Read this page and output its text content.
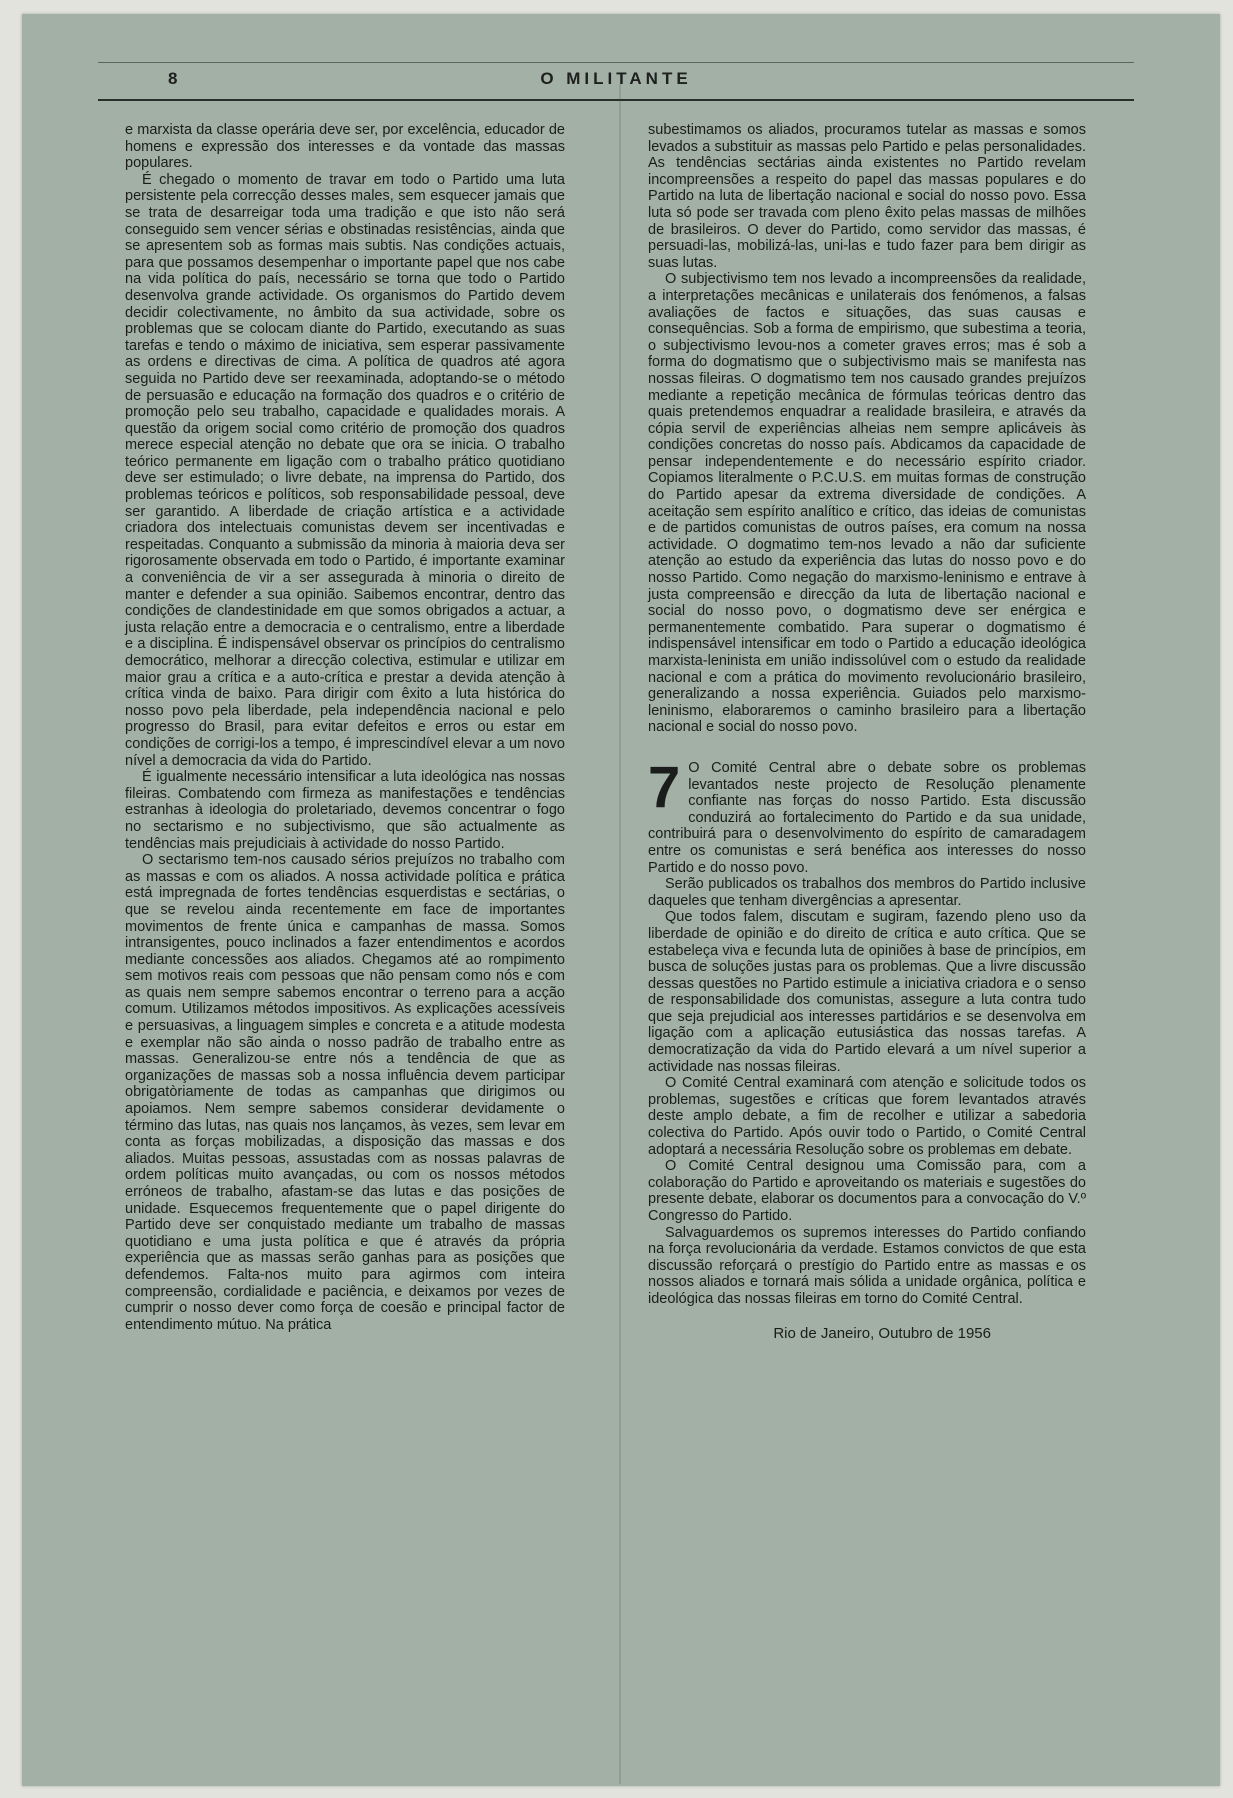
8	O MILITANTE

e marxista da classe operária deve ser, por excelência, educador de homens e expressão dos interesses e da vontade das massas populares.

É chegado o momento de travar em todo o Partido uma luta persistente pela correcção desses males, sem esquecer jamais que se trata de desarreigar toda uma tradição e que isto não será conseguido sem vencer sérias e obstinadas resistências, ainda que se apresentem sob as formas mais subtis. Nas condições actuais, para que possamos desempenhar o importante papel que nos cabe na vida política do país, necessário se torna que todo o Partido desenvolva grande actividade. Os organismos do Partido devem decidir colectivamente, no âmbito da sua actividade, sobre os problemas que se colocam diante do Partido, executando as suas tarefas e tendo o máximo de iniciativa, sem esperar passivamente as ordens e directivas de cima. A política de quadros até agora seguida no Partido deve ser reexaminada, adoptando-se o método de persuasão e educação na formação dos quadros e o critério de promoção pelo seu trabalho, capacidade e qualidades morais. A questão da origem social como critério de promoção dos quadros merece especial atenção no debate que ora se inicia. O trabalho teórico permanente em ligação com o trabalho prático quotidiano deve ser estimulado; o livre debate, na imprensa do Partido, dos problemas teóricos e políticos, sob responsabilidade pessoal, deve ser garantido. A liberdade de criação artística e a actividade criadora dos intelectuais comunistas devem ser incentivadas e respeitadas. Conquanto a submissão da minoria à maioria deva ser rigorosamente observada em todo o Partido, é importante examinar a conveniência de vir a ser assegurada à minoria o direito de manter e defender a sua opinião. Saibemos encontrar, dentro das condições de clandestinidade em que somos obrigados a actuar, a justa relação entre a democracia e o centralismo, entre a liberdade e a disciplina. É indispensável observar os princípios do centralismo democrático, melhorar a direcção colectiva, estimular e utilizar em maior grau a crítica e a auto-crítica e prestar a devida atenção à crítica vinda de baixo. Para dirigir com êxito a luta histórica do nosso povo pela liberdade, pela independência nacional e pelo progresso do Brasil, para evitar defeitos e erros ou estar em condições de corrigi-los a tempo, é imprescindível elevar a um novo nível a democracia da vida do Partido.

É igualmente necessário intensificar a luta ideológica nas nossas fileiras. Combatendo com firmeza as manifestações e tendências estranhas à ideologia do proletariado, devemos concentrar o fogo no sectarismo e no subjectivismo, que são actualmente as tendências mais prejudiciais à actividade do nosso Partido.

O sectarismo tem-nos causado sérios prejuízos no trabalho com as massas e com os aliados. A nossa actividade política e prática está impregnada de fortes tendências esquerdistas e sectárias, o que se revelou ainda recentemente em face de importantes movimentos de frente única e campanhas de massa. Somos intransigentes, pouco inclinados a fazer entendimentos e acordos mediante concessões aos aliados. Chegamos até ao rompimento sem motivos reais com pessoas que não pensam como nós e com as quais nem sempre sabemos encontrar o terreno para a acção comum. Utilizamos métodos impositivos. As explicações acessíveis e persuasivas, a linguagem simples e concreta e a atitude modesta e exemplar não são ainda o nosso padrão de trabalho entre as massas. Generalizou-se entre nós a tendência de que as organizações de massas sob a nossa influência devem participar obrigatòriamente de todas as campanhas que dirigimos ou apoiamos. Nem sempre sabemos considerar devidamente o término das lutas, nas quais nos lançamos, às vezes, sem levar em conta as forças mobilizadas, a disposição das massas e dos aliados. Muitas pessoas, assustadas com as nossas palavras de ordem políticas muito avançadas, ou com os nossos métodos erróneos de trabalho, afastam-se das lutas e das posições de unidade. Esquecemos frequentemente que o papel dirigente do Partido deve ser conquistado mediante um trabalho de massas quotidiano e uma justa política e que é através da própria experiência que as massas serão ganhas para as posições que defendemos. Falta-nos muito para agirmos com inteira compreensão, cordialidade e paciência, e deixamos por vezes de cumprir o nosso dever como força de coesão e principal factor de entendimento mútuo. Na prática

subestimamos os aliados, procuramos tutelar as massas e somos levados a substituir as massas pelo Partido e pelas personalidades. As tendências sectárias ainda existentes no Partido revelam incompreensões a respeito do papel das massas populares e do Partido na luta de libertação nacional e social do nosso povo. Essa luta só pode ser travada com pleno êxito pelas massas de milhões de brasileiros. O dever do Partido, como servidor das massas, é persuadi-las, mobilizá-las, uni-las e tudo fazer para bem dirigir as suas lutas.

O subjectivismo tem nos levado a incompreensões da realidade, a interpretações mecânicas e unilaterais dos fenómenos, a falsas avaliações de factos e situações, das suas causas e consequências. Sob a forma de empirismo, que subestima a teoria, o subjectivismo levou-nos a cometer graves erros; mas é sob a forma do dogmatismo que o subjectivismo mais se manifesta nas nossas fileiras. O dogmatismo tem nos causado grandes prejuízos mediante a repetição mecânica de fórmulas teóricas dentro das quais pretendemos enquadrar a realidade brasileira, e através da cópia servil de experiências alheias nem sempre aplicáveis às condições concretas do nosso país. Abdicamos da capacidade de pensar independentemente e do necessário espírito criador. Copiamos literalmente o P.C.U.S. em muitas formas de construção do Partido apesar da extrema diversidade de condições. A aceitação sem espírito analítico e crítico, das ideias de comunistas e de partidos comunistas de outros países, era comum na nossa actividade. O dogmatimo tem-nos levado a não dar suficiente atenção ao estudo da experiência das lutas do nosso povo e do nosso Partido. Como negação do marxismo-leninismo e entrave à justa compreensão e direcção da luta de libertação nacional e social do nosso povo, o dogmatismo deve ser enérgica e permanentemente combatido. Para superar o dogmatismo é indispensável intensificar em todo o Partido a educação ideológica marxista-leninista em união indissolúvel com o estudo da realidade nacional e com a prática do movimento revolucionário brasileiro, generalizando a nossa experiência. Guiados pelo marxismo-leninismo, elaboraremos o caminho brasileiro para a libertação nacional e social do nosso povo.

7 O Comité Central abre o debate sobre os problemas levantados neste projecto de Resolução plenamente confiante nas forças do nosso Partido. Esta discussão conduzirá ao fortalecimento do Partido e da sua unidade, contribuirá para o desenvolvimento do espírito de camaradagem entre os comunistas e será benéfica aos interesses do nosso Partido e do nosso povo.

Serão publicados os trabalhos dos membros do Partido inclusive daqueles que tenham divergências a apresentar.

Que todos falem, discutam e sugiram, fazendo pleno uso da liberdade de opinião e do direito de crítica e auto crítica. Que se estabeleça viva e fecunda luta de opiniões à base de princípios, em busca de soluções justas para os problemas. Que a livre discussão dessas questões no Partido estimule a iniciativa criadora e o senso de responsabilidade dos comunistas, assegure a luta contra tudo que seja prejudicial aos interesses partidários e se desenvolva em ligação com a aplicação eutusiástica das nossas tarefas. A democratização da vida do Partido elevará a um nível superior a actividade nas nossas fileiras.

O Comité Central examinará com atenção e solicitude todos os problemas, sugestões e críticas que forem levantados através deste amplo debate, a fim de recolher e utilizar a sabedoria colectiva do Partido. Após ouvir todo o Partido, o Comité Central adoptará a necessária Resolução sobre os problemas em debate.

O Comité Central designou uma Comissão para, com a colaboração do Partido e aproveitando os materiais e sugestões do presente debate, elaborar os documentos para a convocação do V.º Congresso do Partido.

Salvaguardemos os supremos interesses do Partido confiando na força revolucionária da verdade. Estamos convictos de que esta discussão reforçará o prestígio do Partido entre as massas e os nossos aliados e tornará mais sólida a unidade orgânica, política e ideológica das nossas fileiras em torno do Comité Central.

Rio de Janeiro, Outubro de 1956
